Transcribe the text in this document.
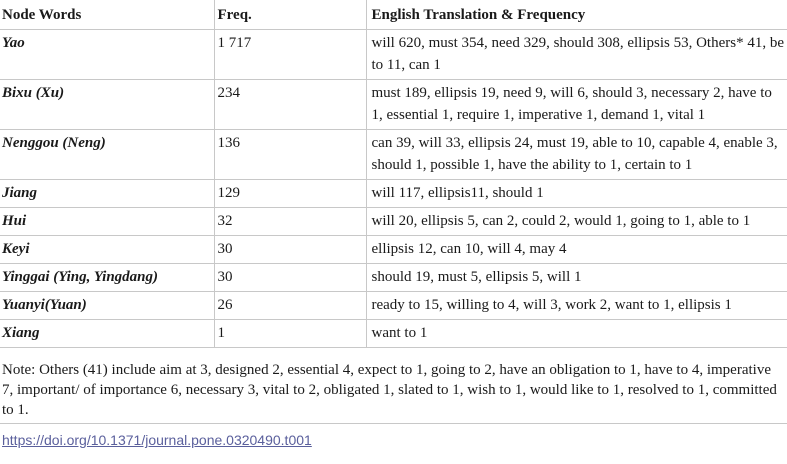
Node Words	Freq.	English Translation & Frequency
Yao	1 717	will 620, must 354, need 329, should 308, ellipsis 53, Others* 41, be to 11, can 1
Bixu (Xu)	234	must 189, ellipsis 19, need 9, will 6, should 3, necessary 2, have to 1, essential 1, require 1, imperative 1, demand 1, vital 1
Nenggou (Neng)	136	can 39, will 33, ellipsis 24, must 19, able to 10, capable 4, enable 3, should 1, possible 1, have the ability to 1, certain to 1
Jiang	129	will 117, ellipsis11, should 1
Hui	32	will 20, ellipsis 5, can 2, could 2, would 1, going to 1, able to 1
Keyi	30	ellipsis 12, can 10, will 4, may 4
Yinggai (Ying, Yingdang)	30	should 19, must 5, ellipsis 5, will 1
Yuanyi(Yuan)	26	ready to 15, willing to 4, will 3, work 2, want to 1, ellipsis 1
Xiang	1	want to 1
Note: Others (41) include aim at 3, designed 2, essential 4, expect to 1, going to 2, have an obligation to 1, have to 4, imperative 7, important/ of importance 6, necessary 3, vital to 2, obligated 1, slated to 1, wish to 1, would like to 1, resolved to 1, committed to 1.
https://doi.org/10.1371/journal.pone.0320490.t001
